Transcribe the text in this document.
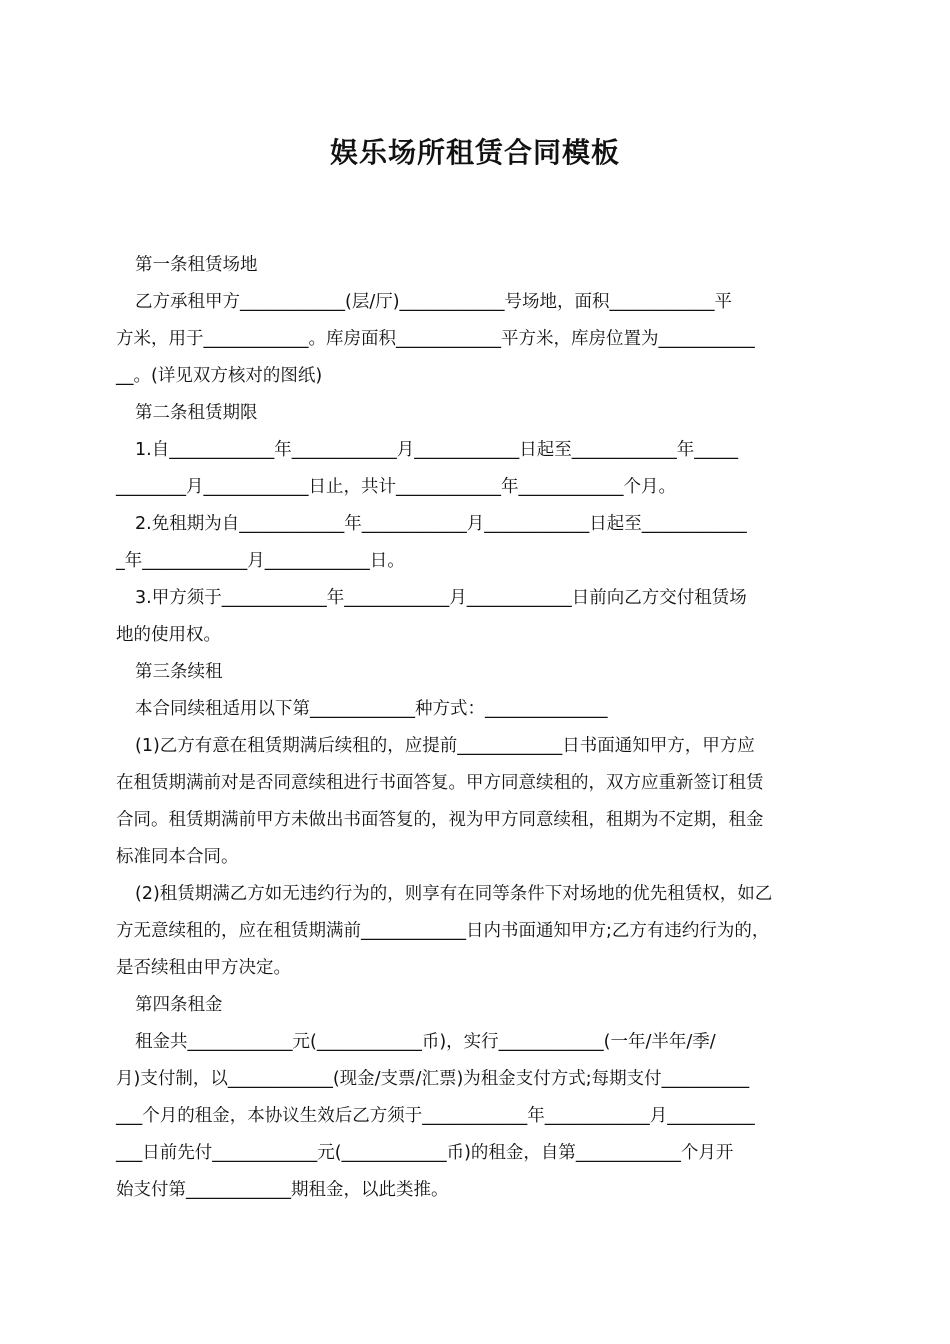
娱乐场所租赁合同模板

第一条租赁场地

乙方承租甲方____________(层/厅)____________号场地，面积____________平

方米，用于____________。库房面积____________平方米，库房位置为___________

__。(详见双方核对的图纸)

第二条租赁期限

1.自____________年____________月____________日起至____________年_____

________月____________日止，共计____________年____________个月。

2.免租期为自____________年____________月____________日起至____________

_年____________月____________日。

3.甲方须于____________年____________月____________日前向乙方交付租赁场

地的使用权。

第三条续租

本合同续租适用以下第____________种方式：______________

(1)乙方有意在租赁期满后续租的，应提前____________日书面通知甲方，甲方应

在租赁期满前对是否同意续租进行书面答复。甲方同意续租的，双方应重新签订租赁

合同。租赁期满前甲方未做出书面答复的，视为甲方同意续租，租期为不定期，租金

标准同本合同。

(2)租赁期满乙方如无违约行为的，则享有在同等条件下对场地的优先租赁权，如乙

方无意续租的，应在租赁期满前____________日内书面通知甲方;乙方有违约行为的，

是否续租由甲方决定。

第四条租金

租金共____________元(____________币)，实行____________(一年/半年/季/

月)支付制，以____________(现金/支票/汇票)为租金支付方式;每期支付__________

___个月的租金，本协议生效后乙方须于____________年____________月__________

___日前先付____________元(____________币)的租金，自第____________个月开

始支付第____________期租金，以此类推。
